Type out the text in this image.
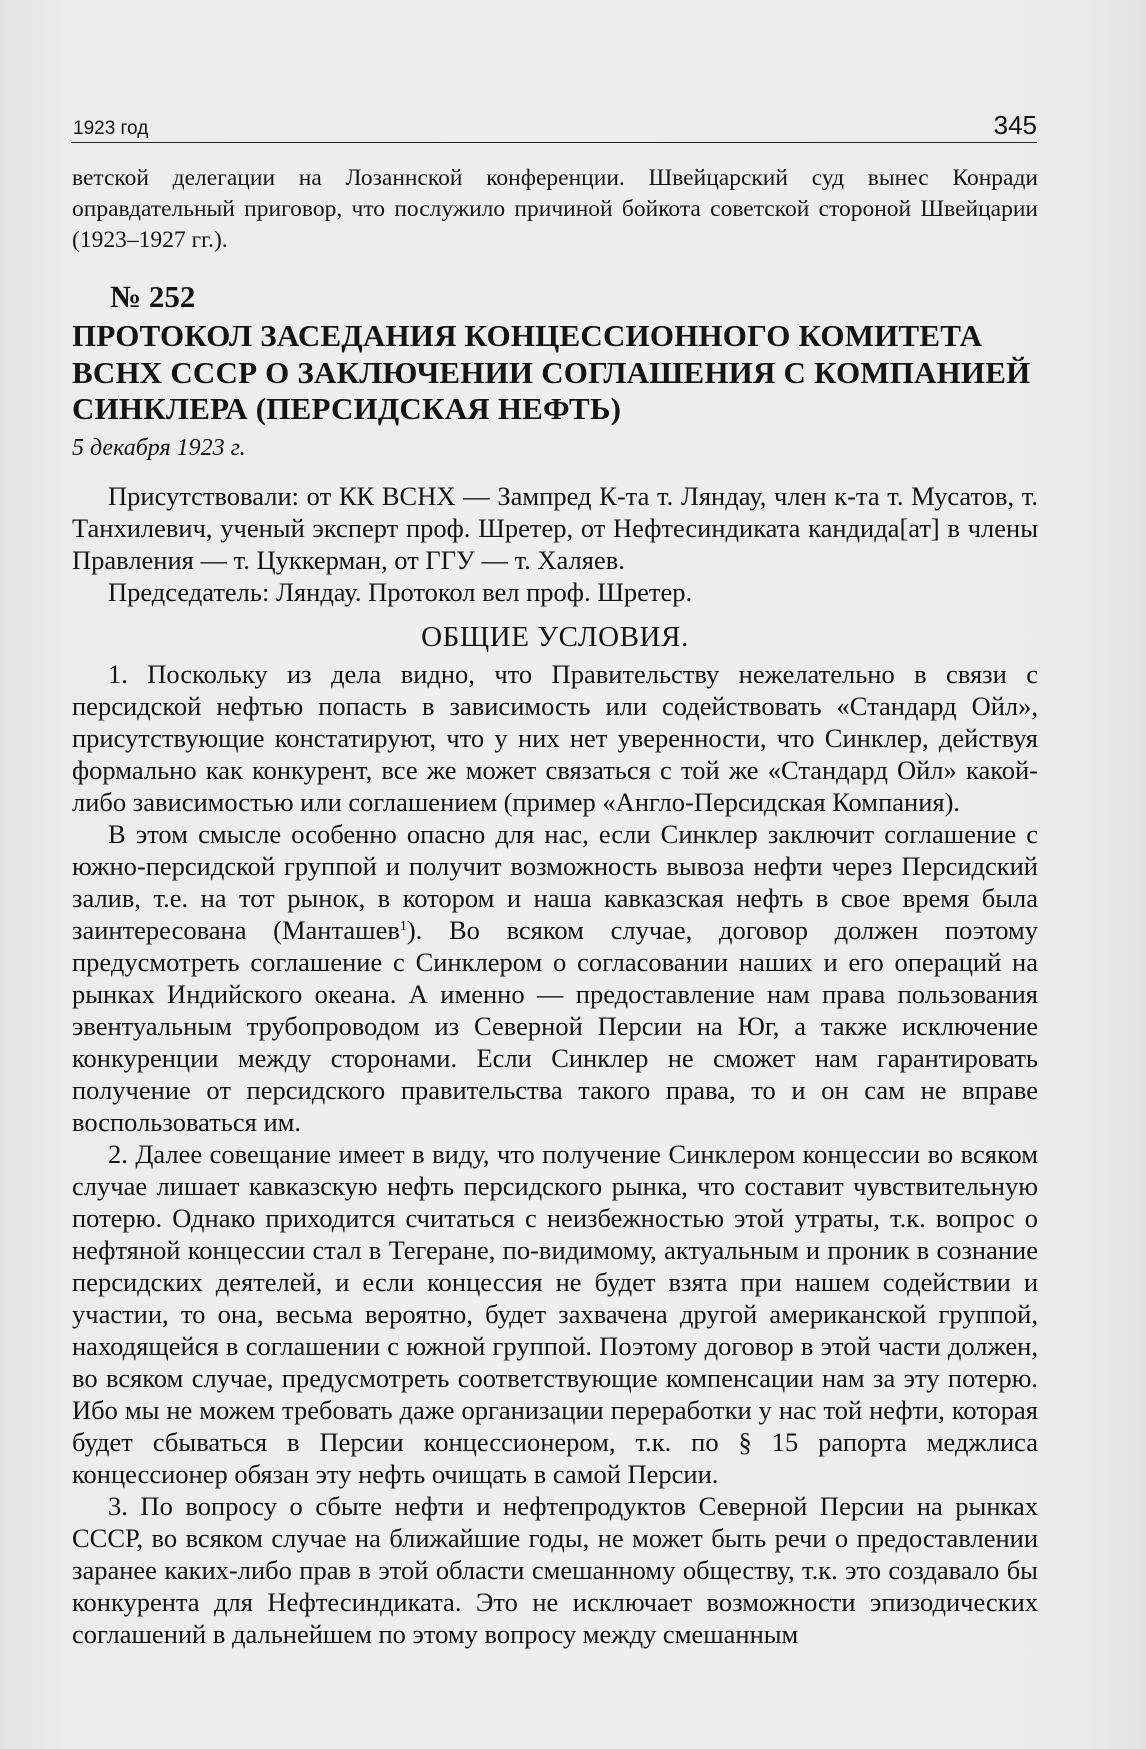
1923 год	345

ветской делегации на Лозаннской конференции. Швейцарский суд вынес Конради оправдательный приговор, что послужило причиной бойкота советской стороной Швейцарии (1923–1927 гг.).

№ 252
ПРОТОКОЛ ЗАСЕДАНИЯ КОНЦЕССИОННОГО КОМИТЕТА ВСНХ СССР О ЗАКЛЮЧЕНИИ СОГЛАШЕНИЯ С КОМПАНИЕЙ СИНКЛЕРА (ПЕРСИДСКАЯ НЕФТЬ)
5 декабря 1923 г.

Присутствовали: от КК ВСНХ — Зампред К-та т. Ляндау, член к-та т. Мусатов, т. Танхилевич, ученый эксперт проф. Шретер, от Нефтесиндиката кандида[ат] в члены Правления — т. Цуккерман, от ГГУ — т. Халяев.

Председатель: Ляндау. Протокол вел проф. Шретер.

ОБЩИЕ УСЛОВИЯ.

1. Поскольку из дела видно, что Правительству нежелательно в связи с персидской нефтью попасть в зависимость или содействовать «Стандард Ойл», присутствующие констатируют, что у них нет уверенности, что Синклер, действуя формально как конкурент, все же может связаться с той же «Стандард Ойл» какой-либо зависимостью или соглашением (пример «Англо-Персидская Компания).

В этом смысле особенно опасно для нас, если Синклер заключит соглашение с южно-персидской группой и получит возможность вывоза нефти через Персидский залив, т.е. на тот рынок, в котором и наша кавказская нефть в свое время была заинтересована (Манташев$^1$). Во всяком случае, договор должен поэтому предусмотреть соглашение с Синклером о согласовании наших и его операций на рынках Индийского океана. А именно — предоставление нам права пользования эвентуальным трубопроводом из Северной Персии на Юг, а также исключение конкуренции между сторонами. Если Синклер не сможет нам гарантировать получение от персидского правительства такого права, то и он сам не вправе воспользоваться им.

2. Далее совещание имеет в виду, что получение Синклером концессии во всяком случае лишает кавказскую нефть персидского рынка, что составит чувствительную потерю. Однако приходится считаться с неизбежностью этой утраты, т.к. вопрос о нефтяной концессии стал в Тегеране, по-видимому, актуальным и проник в сознание персидских деятелей, и если концессия не будет взята при нашем содействии и участии, то она, весьма вероятно, будет захвачена другой американской группой, находящейся в соглашении с южной группой. Поэтому договор в этой части должен, во всяком случае, предусмотреть соответствующие компенсации нам за эту потерю. Ибо мы не можем требовать даже организации переработки у нас той нефти, которая будет сбываться в Персии концессионером, т.к. по § 15 рапорта меджлиса концессионер обязан эту нефть очищать в самой Персии.

3. По вопросу о сбыте нефти и нефтепродуктов Северной Персии на рынках СССР, во всяком случае на ближайшие годы, не может быть речи о предоставлении заранее каких-либо прав в этой области смешанному обществу, т.к. это создавало бы конкурента для Нефтесиндиката. Это не исключает возможности эпизодических соглашений в дальнейшем по этому вопросу между смешанным
